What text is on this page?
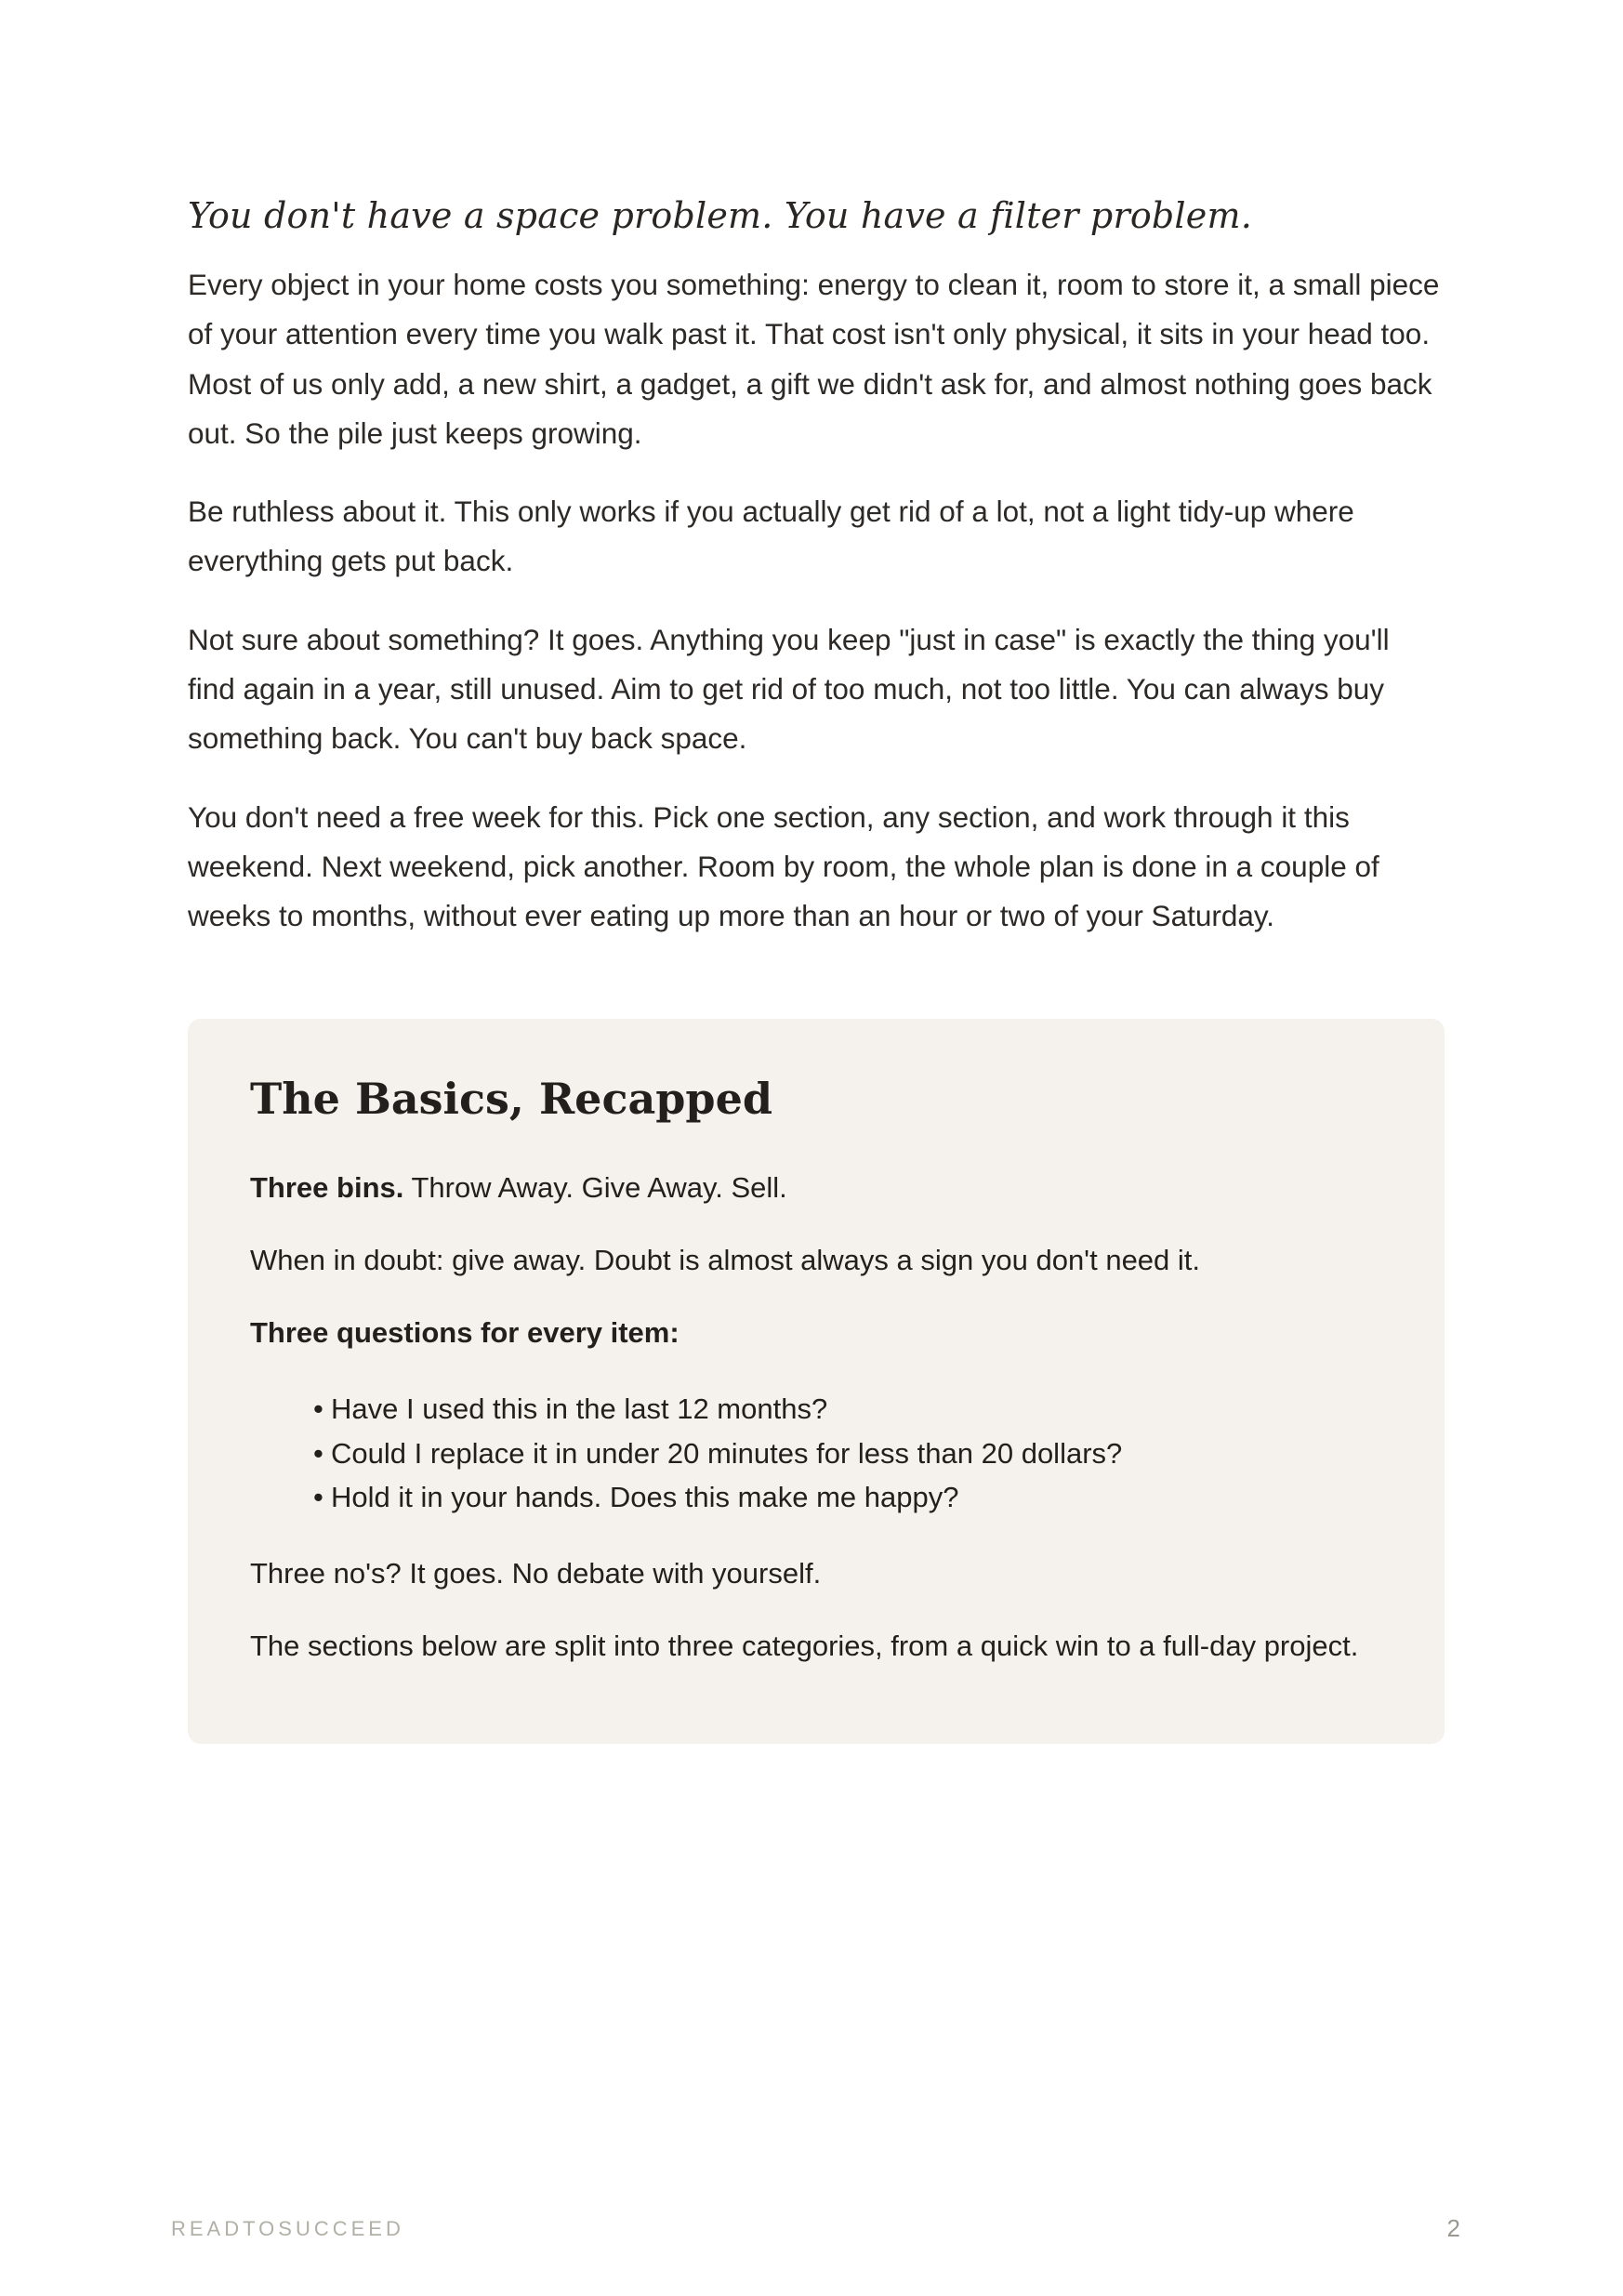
You don't have a space problem. You have a filter problem.

Every object in your home costs you something: energy to clean it, room to store it, a small piece of your attention every time you walk past it. That cost isn't only physical, it sits in your head too. Most of us only add, a new shirt, a gadget, a gift we didn't ask for, and almost nothing goes back out. So the pile just keeps growing.

Be ruthless about it. This only works if you actually get rid of a lot, not a light tidy-up where everything gets put back.

Not sure about something? It goes. Anything you keep "just in case" is exactly the thing you'll find again in a year, still unused. Aim to get rid of too much, not too little. You can always buy something back. You can't buy back space.

You don't need a free week for this. Pick one section, any section, and work through it this weekend. Next weekend, pick another. Room by room, the whole plan is done in a couple of weeks to months, without ever eating up more than an hour or two of your Saturday.

The Basics, Recapped

Three bins. Throw Away. Give Away. Sell.

When in doubt: give away. Doubt is almost always a sign you don't need it.

Three questions for every item:

• Have I used this in the last 12 months?
• Could I replace it in under 20 minutes for less than 20 dollars?
• Hold it in your hands. Does this make me happy?

Three no's? It goes. No debate with yourself.

The sections below are split into three categories, from a quick win to a full-day project.

READTOSUCCEED	2
